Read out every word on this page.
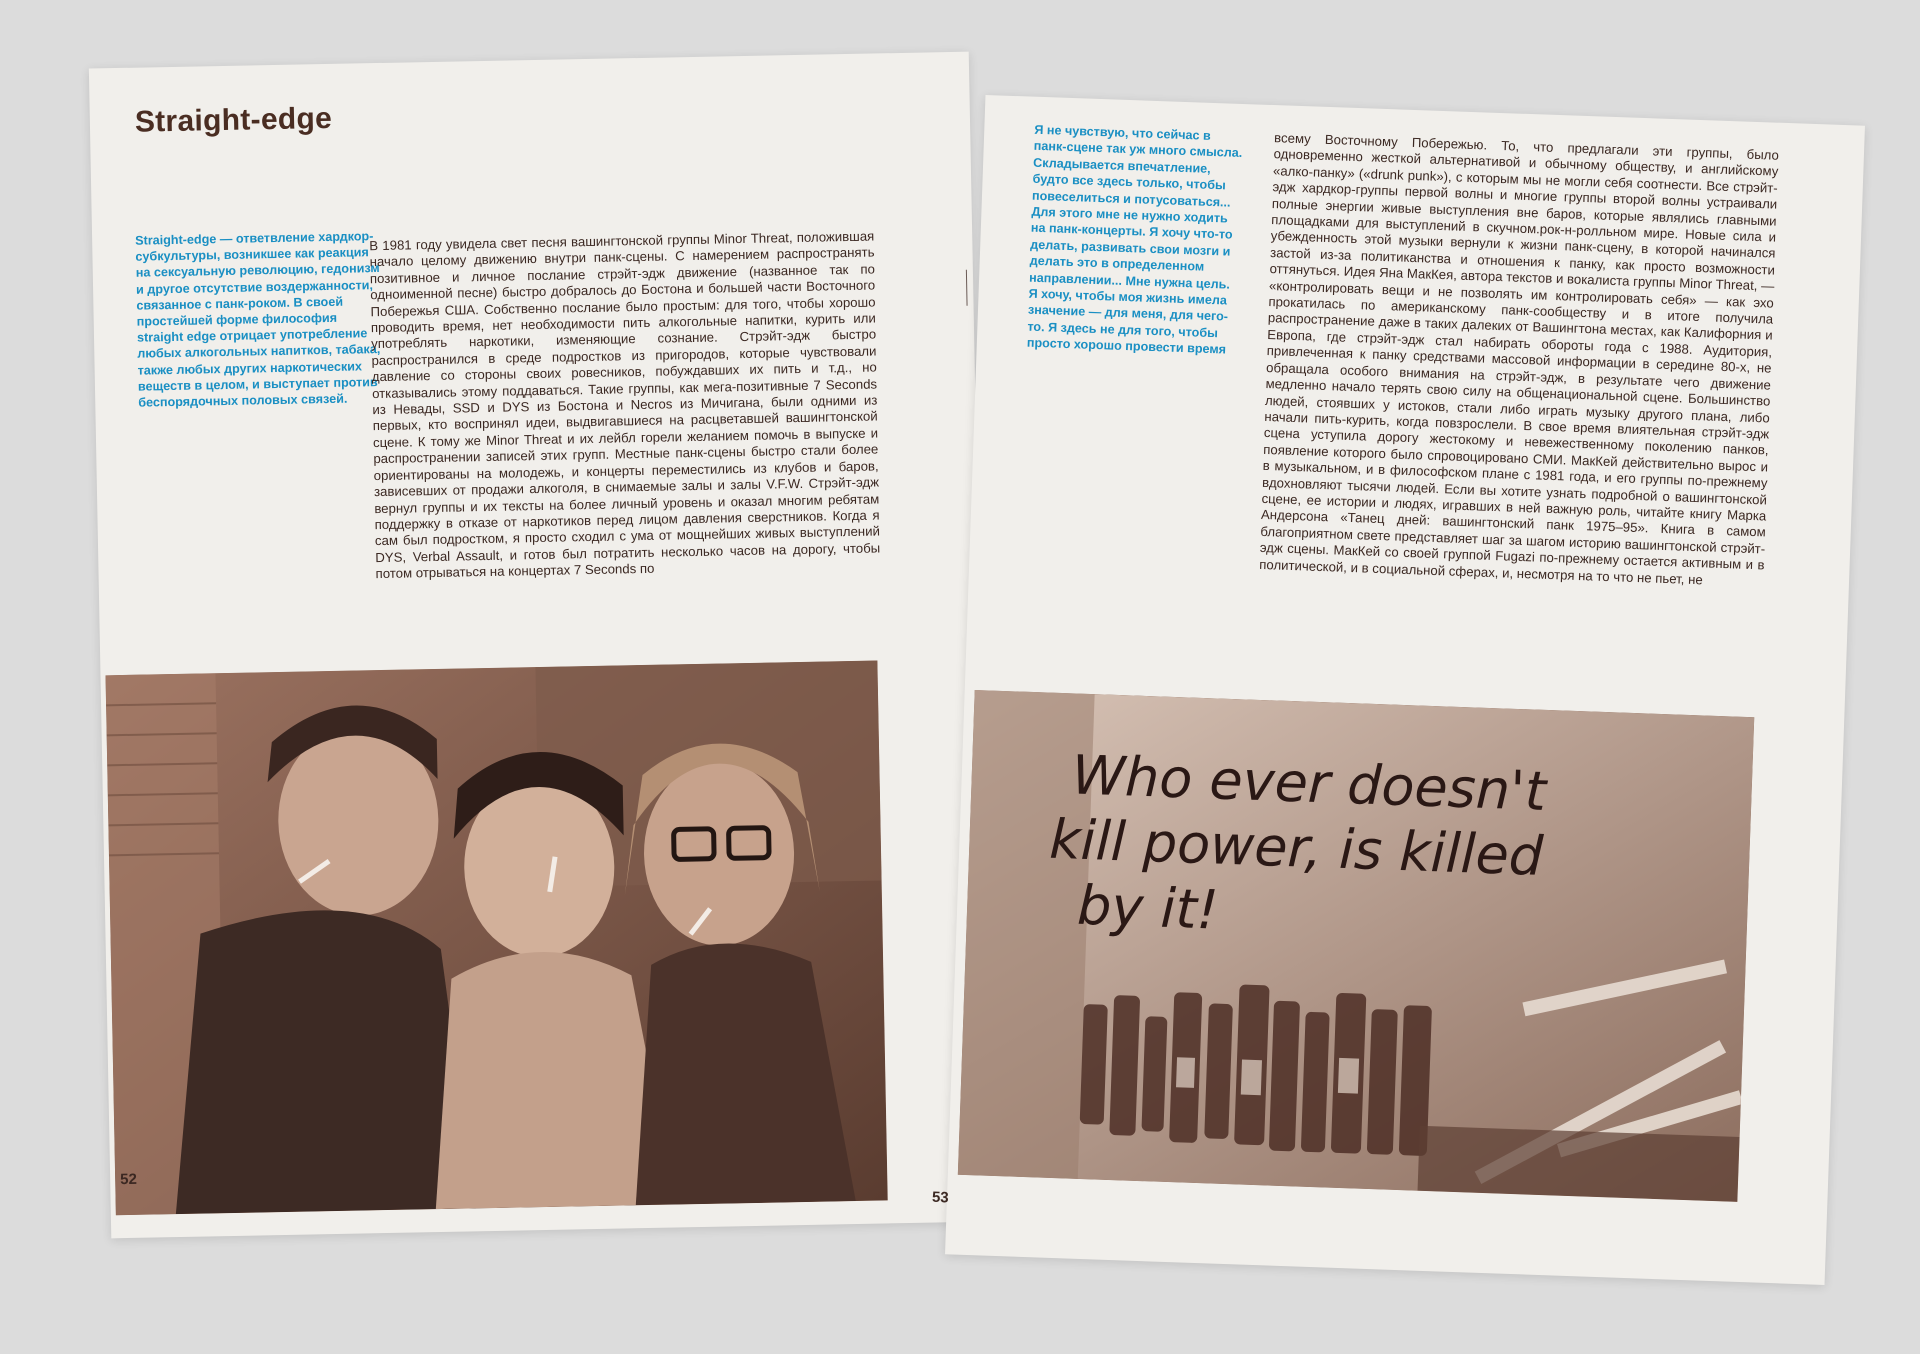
Straight-edge
Straight-edge — ответвление хардкор-субкультуры, возникшее как реакция на сексуальную революцию, гедонизм и другое отсутствие воздержанности, связанное с панк-роком. В своей простейшей форме философия straight edge отрицает употребление любых алкогольных напитков, табака, также любых других наркотических веществ в целом, и выступает против беспорядочных половых связей.
В 1981 году увидела свет песня вашингтонской группы Minor Threat, положившая начало целому движению внутри панк-сцены. С намерением распространять позитивное и личное послание стрэйт-эдж движение (названное так по одноименной песне) быстро добралось до Бостона и большей части Восточного Побережья США. Собственно послание было простым: для того, чтобы хорошо проводить время, нет необходимости пить алкогольные напитки, курить или употреблять наркотики, изменяющие сознание. Стрэйт-эдж быстро распространился в среде подростков из пригородов, которые чувствовали давление со стороны своих ровесников, побуждавших их пить и т.д., но отказывались этому поддаваться. Такие группы, как мега-позитивные 7 Seconds из Невады, SSD и DYS из Бостона и Necros из Мичигана, были одними из первых, кто воспринял идеи, выдвигавшиеся на расцветавшей вашингтонской сцене. К тому же Minor Threat и их лейбл горели желанием помочь в выпуске и распространении записей этих групп. Местные панк-сцены быстро стали более ориентированы на молодежь, и концерты переместились из клубов и баров, зависевших от продажи алкоголя, в снимаемые залы и залы V.F.W. Стрэйт-эдж вернул группы и их тексты на более личный уровень и оказал многим ребятам поддержку в отказе от наркотиков перед лицом давления сверстников. Когда я сам был подростком, я просто сходил с ума от мощнейших живых выступлений DYS, Verbal Assault, и готов был потратить несколько часов на дорогу, чтобы потом отрываться на концертах 7 Seconds по
52
Я не чувствую, что сейчас в панк-сцене так уж много смысла. Складывается впечатление, будто все здесь только, чтобы повеселиться и потусоваться... Для этого мне не нужно ходить на панк-концерты. Я хочу что-то делать, развивать свои мозги и делать это в определенном направлении... Мне нужна цель. Я хочу, чтобы моя жизнь имела значение — для меня, для чего-то. Я здесь не для того, чтобы просто хорошо провести время
всему Восточному Побережью. То, что предлагали эти группы, было одновременно жесткой альтернативой и обычному обществу, и английскому «алко-панку» («drunk punk»), с которым мы не могли себя соотнести. Все стрэйт-эдж хардкор-группы первой волны и многие группы второй волны устраивали полные энергии живые выступления вне баров, которые являлись главными площадками для выступлений в скучном.рок-н-ролльном мире. Новые сила и убежденность этой музыки вернули к жизни панк-сцену, в которой начинался застой из-за политиканства и отношения к панку, как просто возможности оттянуться. Идея Яна МакКея, автора текстов и вокалиста группы Minor Threat, — «контролировать вещи и не позволять им контролировать себя» — как эхо прокатилась по американскому панк-сообществу и в итоге получила распространение даже в таких далеких от Вашингтона местах, как Калифорния и Европа, где стрэйт-эдж стал набирать обороты года с 1988. Аудитория, привлеченная к панку средствами массовой информации в середине 80-х, не обращала особого внимания на стрэйт-эдж, в результате чего движение медленно начало терять свою силу на общенациональной сцене. Большинство людей, стоявших у истоков, стали либо играть музыку другого плана, либо начали пить-курить, когда повзрослели. В свое время влиятельная стрэйт-эдж сцена уступила дорогу жестокому и невежественному поколению панков, появление которого было спровоцировано СМИ. МакКей действительно вырос и в музыкальном, и в философском плане с 1981 года, и его группы по-прежнему вдохновляют тысячи людей. Если вы хотите узнать подробной о вашингтонской сцене, ее истории и людях, игравших в ней важную роль, читайте книгу Марка Андерсона «Танец дней: вашингтонский панк 1975–95». Книга в самом благоприятном свете представляет шаг за шагом историю вашингтонской стрэйт-эдж сцены. МакКей со своей группой Fugazi по-прежнему остается активным и в политической, и в социальной сферах, и, несмотря на то что не пьет, не
Who ever doesn't
kill power, is killed
by it!
53
